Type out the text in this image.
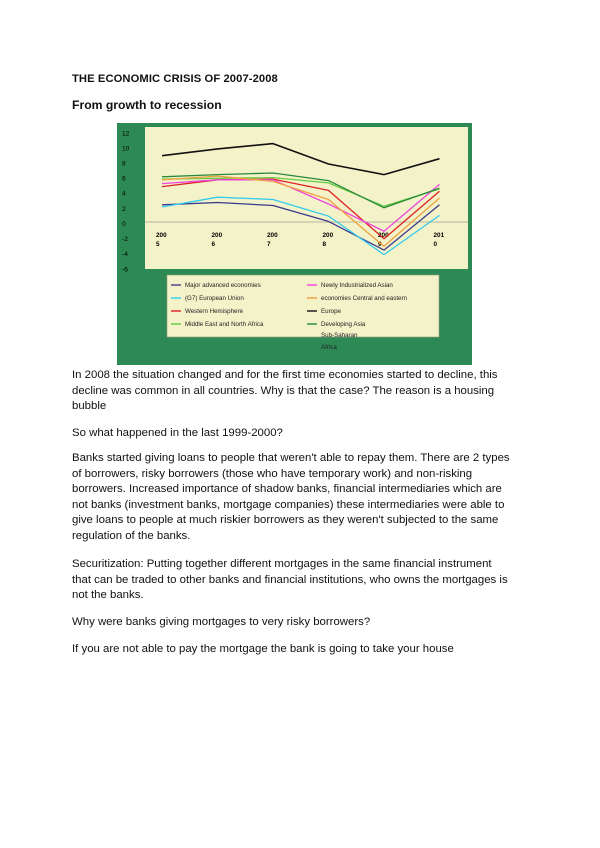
THE ECONOMIC CRISIS OF 2007-2008
From growth to recession
12
10
8
6
4
2
0
-2
-4
-6
200
5
200
6
200
7
200
8
200
9
201
0
Major advanced economies
(G7) European Union
Western Hemisphere
Middle East and North Africa
Newly Industrialized Asian
economies Central and eastern
Europe
Developing Asia
Sub-Saharan
Africa

In 2008 the situation changed and for the first time economies started to decline, this decline was common in all countries. Why is that the case? The reason is a housing bubble

So what happened in the last 1999-2000?

Banks started giving loans to people that weren't able to repay them. There are 2 types of borrowers, risky borrowers (those who have temporary work) and non-risking borrowers. Increased importance of shadow banks, financial intermediaries which are not banks (investment banks, mortgage companies) these intermediaries were able to give loans to people at much riskier borrowers as they weren't subjected to the same regulation of the banks.

Securitization: Putting together different mortgages in the same financial instrument that can be traded to other banks and financial institutions, who owns the mortgages is not the banks.

Why were banks giving mortgages to very risky borrowers?

If you are not able to pay the mortgage the bank is going to take your house
